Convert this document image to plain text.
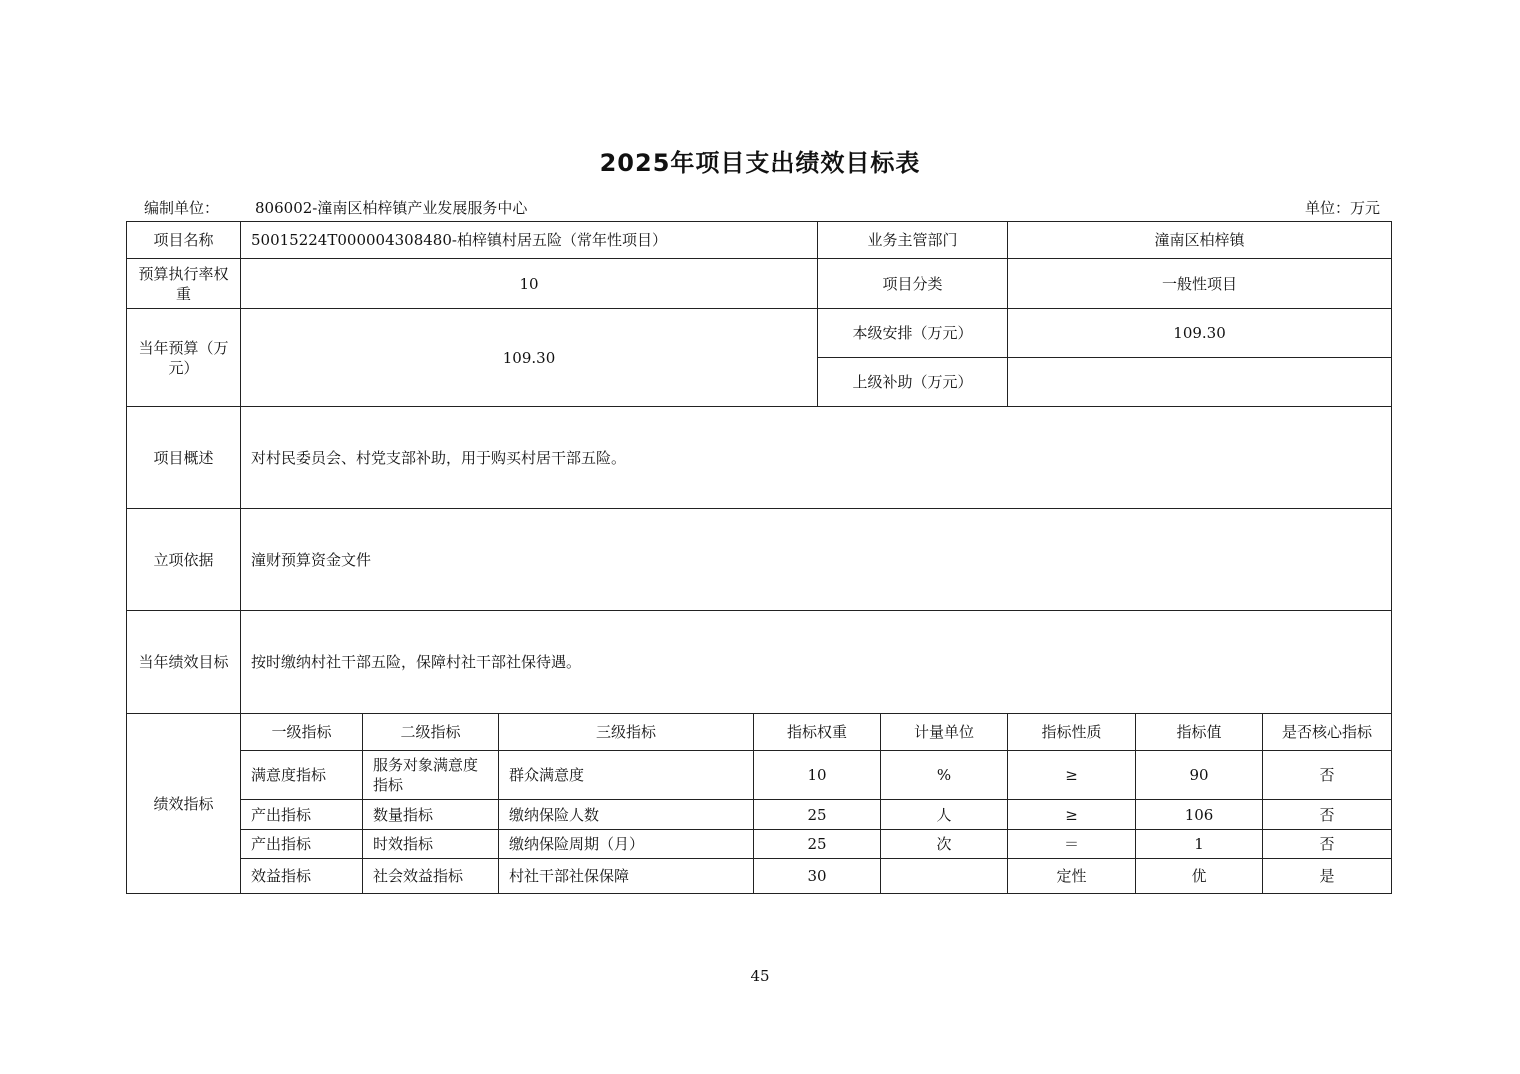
2025年项目支出绩效目标表
编制单位： 806002-潼南区柏梓镇产业发展服务中心	单位：万元
项目名称	50015224T000004308480-柏梓镇村居五险（常年性项目）				业务主管部门		潼南区柏梓镇		
预算执行率权重	10				项目分类		一般性项目		
当年预算（万元）	109.30				本级安排（万元）		109.30		
					上级补助（万元）				
项目概述	对村民委员会、村党支部补助，用于购买村居干部五险。								
立项依据	潼财预算资金文件								
当年绩效目标	按时缴纳村社干部五险，保障村社干部社保待遇。								
绩效指标	一级指标	二级指标	三级指标	指标权重		计量单位	指标性质	指标值	是否核心指标
	满意度指标	服务对象满意度指标	群众满意度	10		%	≥	90	否
	产出指标	数量指标	缴纳保险人数	25		人	≥	106	否
	产出指标	时效指标	缴纳保险周期（月）	25		次	＝	1	否
	效益指标	社会效益指标	村社干部社保保障	30			定性	优	是
45
